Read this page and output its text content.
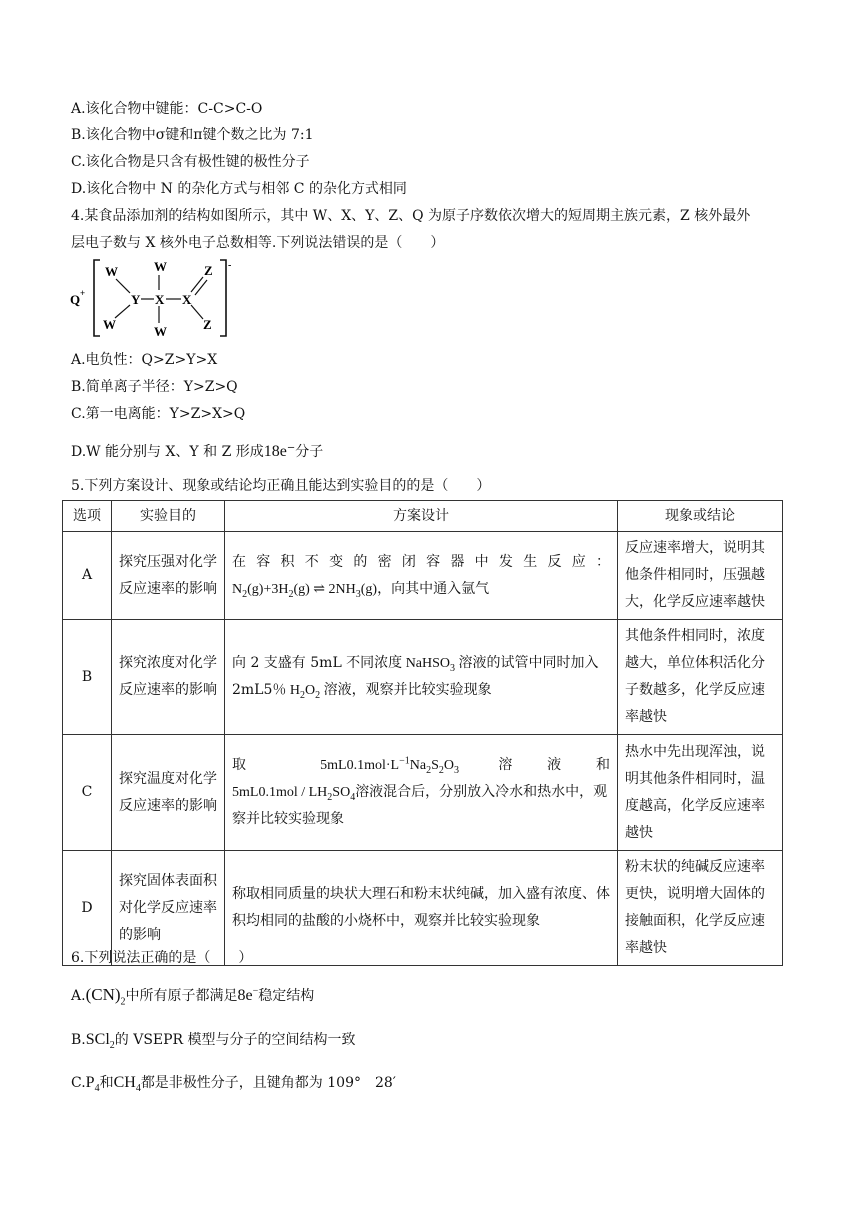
A.该化合物中键能：C-C>C-O
B.该化合物中σ键和π键个数之比为 7:1
C.该化合物是只含有极性键的极性分子
D.该化合物中 N 的杂化方式与相邻 C 的杂化方式相同
4.某食品添加剂的结构如图所示，其中 W、X、Y、Z、Q 为原子序数依次增大的短周期主族元素，Z 核外最外
层电子数与 X 核外电子总数相等.下列说法错误的是（　　）
Q +
-
W	W
W	W
Y X X
Z
Z
A.电负性：Q>Z>Y>X
B.简单离子半径：Y>Z>Q
C.第一电离能：Y>Z>X>Q
D.W 能分别与 X、Y 和 Z 形成18e−分子
5.下列方案设计、现象或结论均正确且能达到实验目的的是（　　）
选项	实验目的	方案设计	现象或结论
A	探究压强对化学反应速率的影响	在容积不变的密闭容器中发生反应：
$N_2(g)+3H_2(g)$ ⇌ $2NH_3(g)$，向其中通入氩气	反应速率增大，说明其他条件相同时，压强越大，化学反应速率越快
B	探究浓度对化学反应速率的影响	向 2 支盛有 5mL 不同浓度 NaHSO$_3$ 溶液的试管中同时加入 2mL5％ $H_2O_2$ 溶液，观察并比较实验现象	其他条件相同时，浓度越大，单位体积活化分子数越多，化学反应速率越快
C	探究温度对化学反应速率的影响	取 $5mL0.1mol\cdot L^{-1}Na_2S_2O_3$ 溶液和
$5mL0.1mol / LH_2SO_4$溶液混合后，分别放入冷水和热水中，观察并比较实验现象	热水中先出现浑浊，说明其他条件相同时，温度越高，化学反应速率越快
D	探究固体表面积对化学反应速率的影响	称取相同质量的块状大理石和粉末状纯碱，加入盛有浓度、体积均相同的盐酸的小烧杯中，观察并比较实验现象	粉末状的纯碱反应速率更快，说明增大固体的接触面积，化学反应速率越快
6.下列说法正确的是（　　）
$A.(CN)_2$中所有原子都满足8e−稳定结构
B.SCl$_2$的 VSEPR 模型与分子的空间结构一致
$C.P_4$和$CH_4$都是非极性分子，且键角都为 109°　28′
